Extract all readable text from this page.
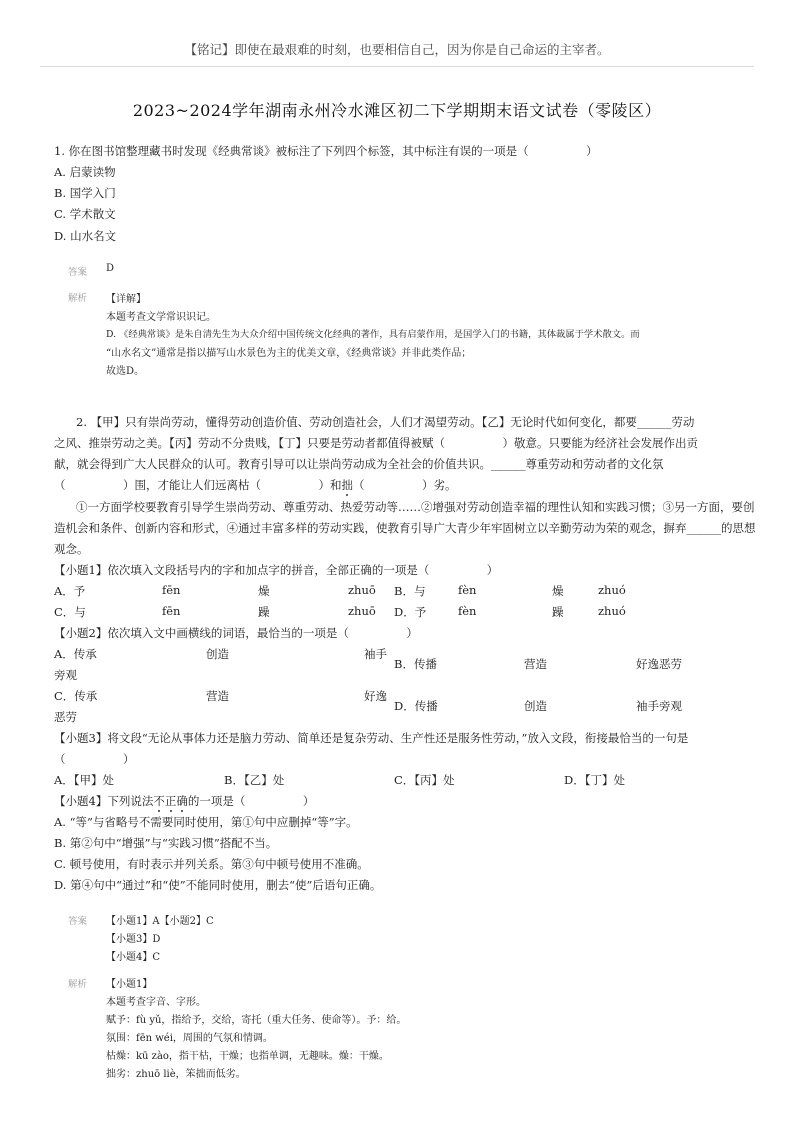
【铭记】即使在最艰难的时刻，也要相信自己，因为你是自己命运的主宰者。
2023~2024学年湖南永州冷水滩区初二下学期期末语文试卷（零陵区）
1. 你在图书馆整理藏书时发现《经典常谈》被标注了下列四个标签，其中标注有误的一项是（　　　　　）
A. 启蒙读物
B. 国学入门
C. 学术散文
D. 山水名文
答案 D
解析 【详解】
本题考查文学常识识记。
D. 《经典常谈》是朱自清先生为大众介绍中国传统文化经典的著作，具有启蒙作用，是国学入门的书籍，其体裁属于学术散文。而
“山水名文”通常是指以描写山水景色为主的优美文章，《经典常谈》并非此类作品；
故选D。
2. 【甲】只有崇尚劳动，懂得劳动创造价值、劳动创造社会，人们才渴望劳动。【乙】无论时代如何变化，都要______劳动
之风、推崇劳动之美。【丙】劳动不分贵贱，【丁】只要是劳动者都值得被赋（　　　　　）敬意。只要能为经济社会发展作出贡
献，就会得到广大人民群众的认可。教育引导可以让崇尚劳动成为全社会的价值共识。______尊重劳动和劳动者的文化氛
（　　　　　）围，才能让人们远离枯（　　　　　）和拙（　　　　　）劣。
①一方面学校要教育引导学生崇尚劳动、尊重劳动、热爱劳动等……②增强对劳动创造幸福的理性认知和实践习惯；③另一方面，要创
造机会和条件、创新内容和形式，④通过丰富多样的劳动实践，使教育引导广大青少年牢固树立以辛勤劳动为荣的观念，摒弃______的思想
观念。
【小题1】依次填入文段括号内的字和加点字的拼音，全部正确的一项是（　　　　　）
A．予	fēn	燥	zhuō B．与	fèn	燥	zhuó
C．与	fēn	躁	zhuō D．予	fèn	躁	zhuó
【小题2】依次填入文中画横线的词语，最恰当的一项是（　　　　　）
A．传承	创造	袖手
旁观
B．传播	营造	好逸恶劳
C．传承	营造	好逸
恶劳
D．传播	创造	袖手旁观
【小题3】将文段“无论从事体力还是脑力劳动、简单还是复杂劳动、生产性还是服务性劳动，”放入文段，衔接最恰当的一句是
（　　　　　）
A．【甲】处	B．【乙】处	C．【丙】处	D．【丁】处
【小题4】下列说法不正确的一项是（　　　　　）
A. “等”与省略号不需要同时使用，第①句中应删掉“等”字。
B. 第②句中“增强”与“实践习惯”搭配不当。
C. 顿号使用，有时表示并列关系。第③句中顿号使用不准确。
D. 第④句中“通过”和“使”不能同时使用，删去“使”后语句正确。
答案 【小题1】A【小题2】C
【小题3】D
【小题4】C
解析 【小题1】
本题考查字音、字形。
赋予：fù yǔ，指给予，交给，寄托（重大任务、使命等）。予：给。
氛围：fēn wéi，周围的气氛和情调。
枯燥：kū zào，指干枯，干燥；也指单调，无趣味。燥：干燥。
拙劣：zhuō liè，笨拙而低劣。
